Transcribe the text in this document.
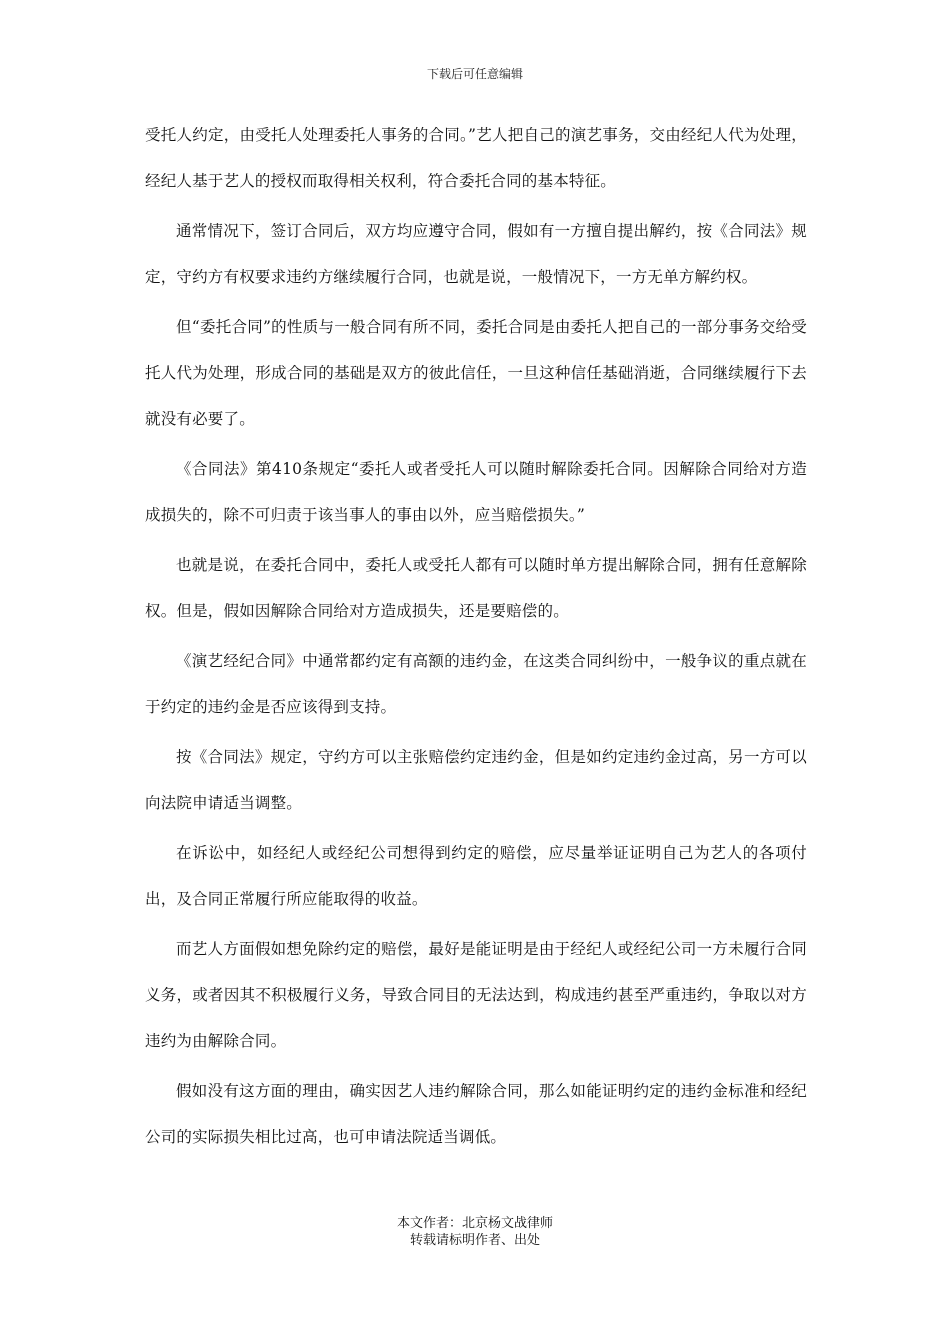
下载后可任意编辑

受托人约定，由受托人处理委托人事务的合同。”艺人把自己的演艺事务，交由经纪人代为处理，经纪人基于艺人的授权而取得相关权利，符合委托合同的基本特征。

通常情况下，签订合同后，双方均应遵守合同，假如有一方擅自提出解约，按《合同法》规定，守约方有权要求违约方继续履行合同，也就是说，一般情况下，一方无单方解约权。

但“委托合同”的性质与一般合同有所不同，委托合同是由委托人把自己的一部分事务交给受托人代为处理，形成合同的基础是双方的彼此信任，一旦这种信任基础消逝，合同继续履行下去就没有必要了。

《合同法》第410条规定“委托人或者受托人可以随时解除委托合同。因解除合同给对方造成损失的，除不可归责于该当事人的事由以外，应当赔偿损失。”

也就是说，在委托合同中，委托人或受托人都有可以随时单方提出解除合同，拥有任意解除权。但是，假如因解除合同给对方造成损失，还是要赔偿的。

《演艺经纪合同》中通常都约定有高额的违约金，在这类合同纠纷中，一般争议的重点就在于约定的违约金是否应该得到支持。

按《合同法》规定，守约方可以主张赔偿约定违约金，但是如约定违约金过高，另一方可以向法院申请适当调整。

在诉讼中，如经纪人或经纪公司想得到约定的赔偿，应尽量举证证明自己为艺人的各项付出，及合同正常履行所应能取得的收益。

而艺人方面假如想免除约定的赔偿，最好是能证明是由于经纪人或经纪公司一方未履行合同义务，或者因其不积极履行义务，导致合同目的无法达到，构成违约甚至严重违约，争取以对方违约为由解除合同。

假如没有这方面的理由，确实因艺人违约解除合同，那么如能证明约定的违约金标准和经纪公司的实际损失相比过高，也可申请法院适当调低。

本文作者：北京杨文战律师
转载请标明作者、出处
